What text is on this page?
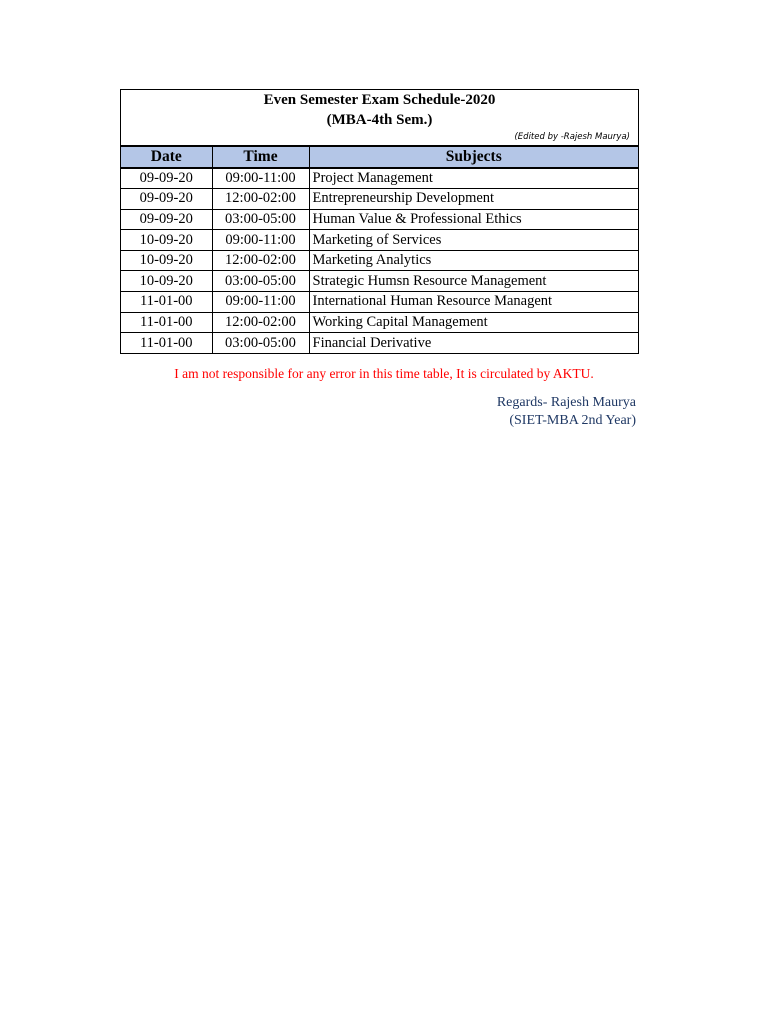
Even Semester Exam Schedule-2020
(MBA-4th Sem.)
(Edited by -Rajesh Maurya)
Date	Time	Subjects
09-09-20	09:00-11:00	Project Management
09-09-20	12:00-02:00	Entrepreneurship Development
09-09-20	03:00-05:00	Human Value & Professional Ethics
10-09-20	09:00-11:00	Marketing of Services
10-09-20	12:00-02:00	Marketing Analytics
10-09-20	03:00-05:00	Strategic Humsn Resource Management
11-01-00	09:00-11:00	International Human Resource Managent
11-01-00	12:00-02:00	Working Capital Management
11-01-00	03:00-05:00	Financial Derivative
I am not responsible for any error in this time table, It is circulated by AKTU.
Regards- Rajesh Maurya
(SIET-MBA 2nd Year)
